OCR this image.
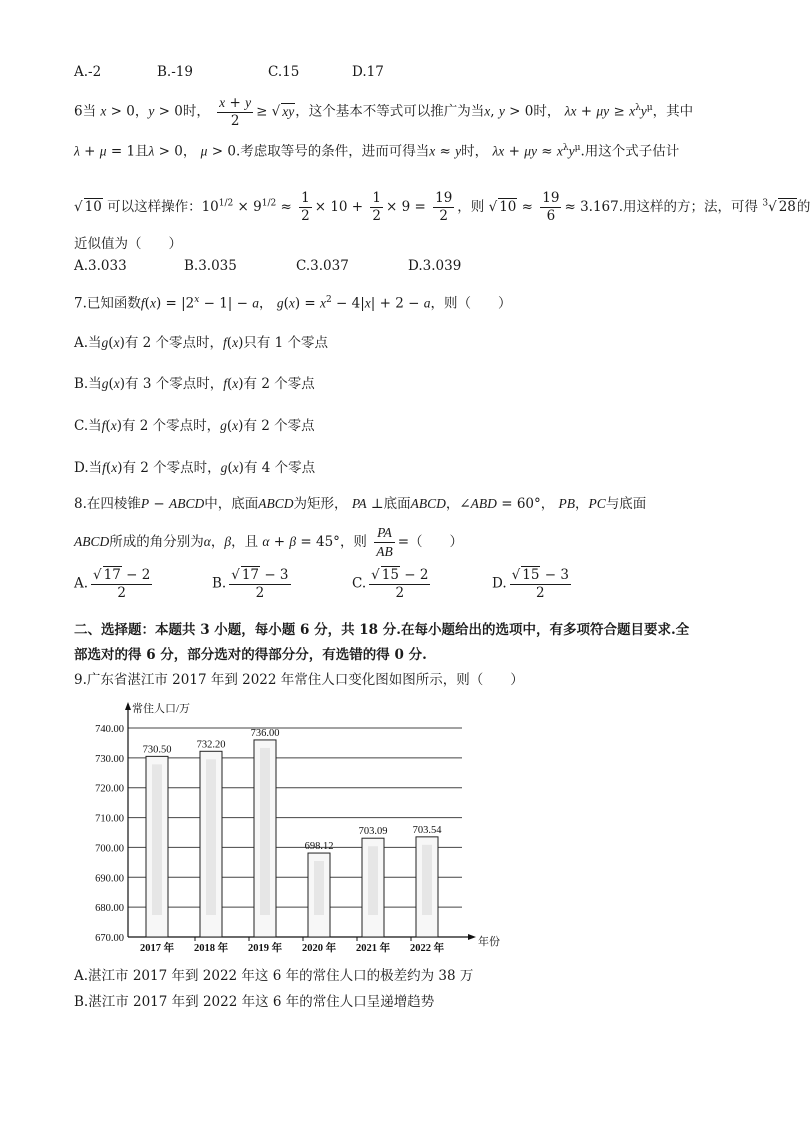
A.-2	B.-19	C.15	D.17
6当 x > 0，y > 0时， $\frac{x + y}{2}$ ≥ √ xy，这个基本不等式可以推广为当x, y > 0时， $\lambda x + \mu y \ge x^\lambda y^\mu$，其中
λ + μ = 1且λ > 0， μ > 0.考虑取等号的条件，进而可得当x ≈ y时， $\lambda x + \mu y \approx x^\lambda y^\mu$.用这个式子估计
√ 10 可以这样操作：$10^{1/2} \times 9^{1/2} \approx \frac{1}{2} \times 10 + \frac{1}{2} \times 9 = \frac{19}{2}$ ，则 √ $10 \approx \frac{19}{6} \approx 3.167$.用这样的方；法，可得 $^3$√ 28的
近似值为（　　）
A.3.033	B.3.035	C.3.037	D.3.039
7.已知函数$f(x) = |2^x - 1| - a$， $g(x) = x^2 - 4|x| + 2 - a$，则（　　）
A.当g(x)有 2 个零点时，f(x)只有 1 个零点
B.当g(x)有 3 个零点时，f(x)有 2 个零点
C.当f(x)有 2 个零点时，g(x)有 2 个零点
D.当f(x)有 2 个零点时，g(x)有 4 个零点
8.在四棱锥P − ABCD中，底面ABCD为矩形， PA ⊥底面ABCD，∠ABD = 60°， PB，PC与底面
ABCD所成的角分别为α，β，且 α + β = 45°，则 $\frac{PA}{AB}$ =（　　）
A. $\frac{√ 17 - 2}{2}$	B. $\frac{√ 17 - 3}{2}$	C. $\frac{√ 15 - 2}{2}$	D. $\frac{√ 15 - 3}{2}$
二、选择题：本题共 3 小题，每小题 6 分，共 18 分.在每小题给出的选项中，有多项符合题目要求.全
部选对的得 6 分，部分选对的得部分分，有选错的得 0 分.
9.广东省湛江市 2017 年到 2022 年常住人口变化图如图所示，则（　　）
670.00
680.00
690.00
700.00
710.00
720.00
730.00
740.00
常住人口/万
年份
730.50
2017 年
732.20
2018 年
736.00
2019 年
698.12
2020 年
703.09
2021 年
703.54
2022 年
A.湛江市 2017 年到 2022 年这 6 年的常住人口的极差约为 38 万
B.湛江市 2017 年到 2022 年这 6 年的常住人口呈递增趋势
